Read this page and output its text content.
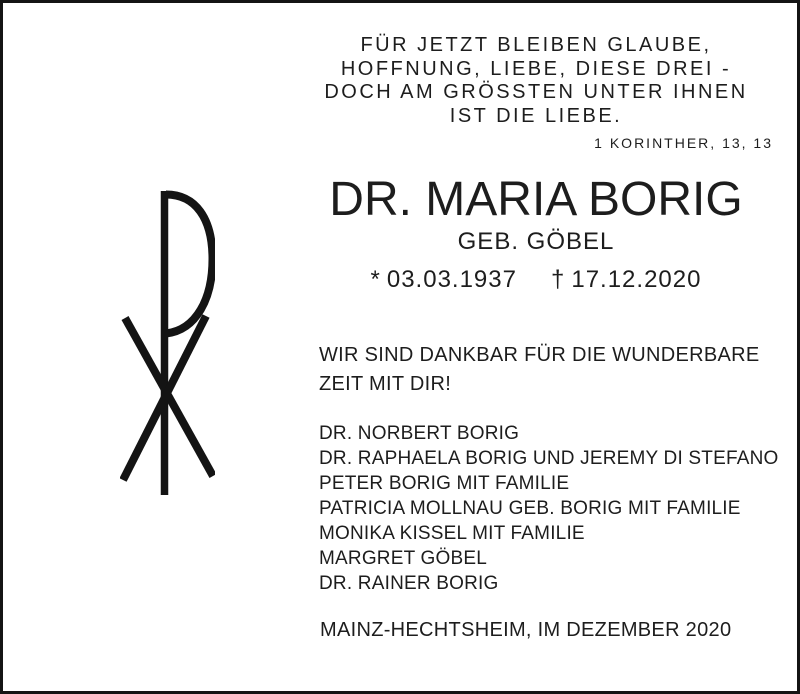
FÜR JETZT BLEIBEN GLAUBE,
HOFFNUNG, LIEBE, DIESE DREI -
DOCH AM GRÖSSTEN UNTER IHNEN
IST DIE LIEBE.
1 KORINTHER, 13, 13
DR. MARIA BORIG
GEB. GÖBEL
* 03.03.1937 † 17.12.2020
WIR SIND DANKBAR FÜR DIE WUNDERBARE
ZEIT MIT DIR!
DR. NORBERT BORIG
DR. RAPHAELA BORIG UND JEREMY DI STEFANO
PETER BORIG MIT FAMILIE
PATRICIA MOLLNAU GEB. BORIG MIT FAMILIE
MONIKA KISSEL MIT FAMILIE
MARGRET GÖBEL
DR. RAINER BORIG
MAINZ-HECHTSHEIM, IM DEZEMBER 2020
